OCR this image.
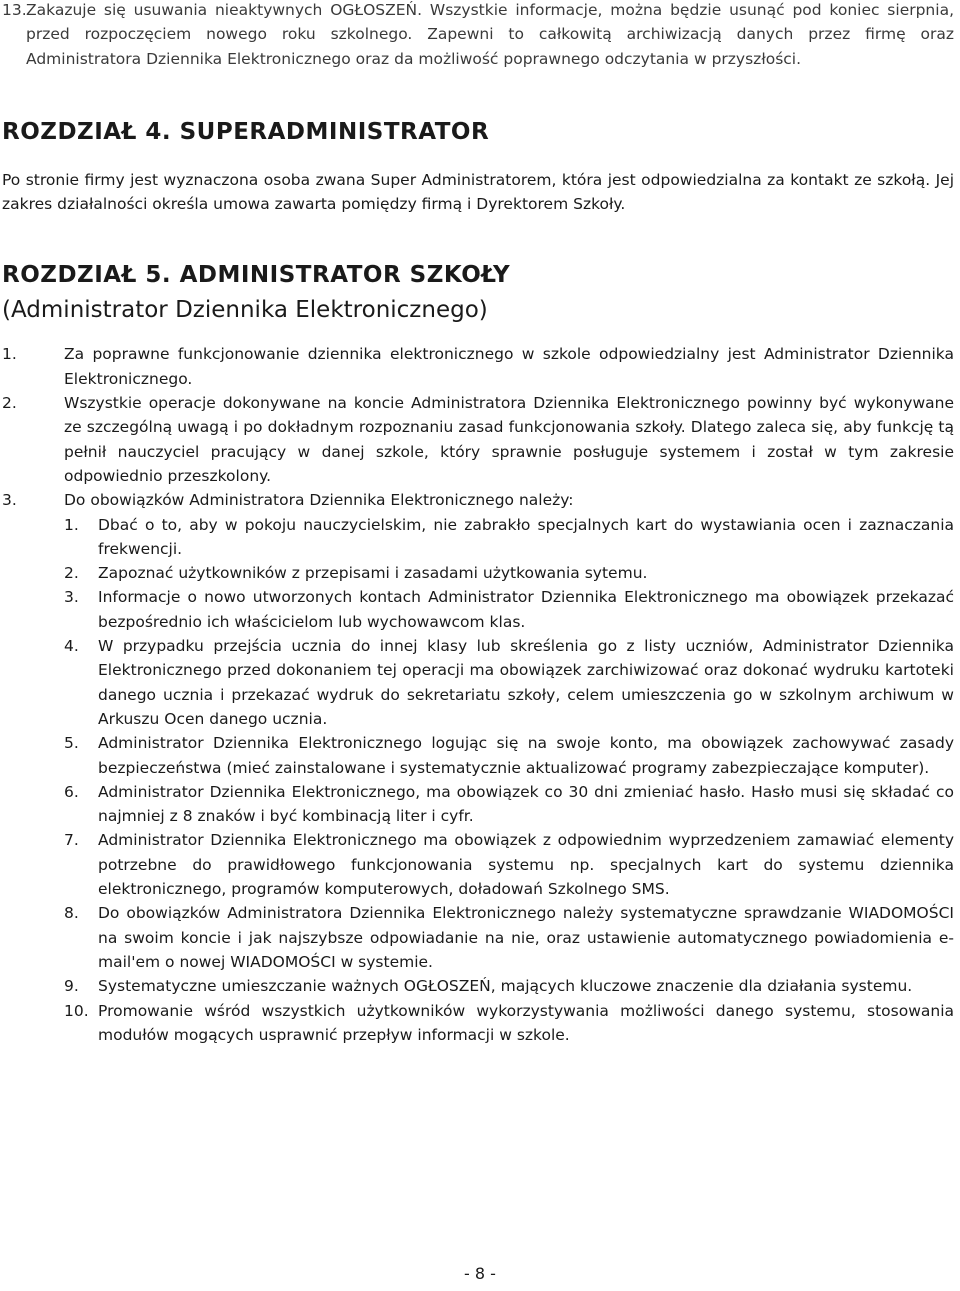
13. Zakazuje się usuwania nieaktywnych OGŁOSZEŃ. Wszystkie informacje, można będzie usunąć pod koniec sierpnia, przed rozpoczęciem nowego roku szkolnego. Zapewni to całkowitą archiwizacją danych przez firmę oraz Administratora Dziennika Elektronicznego oraz da możliwość poprawnego odczytania w przyszłości.
ROZDZIAŁ 4. SUPERADMINISTRATOR

Po stronie firmy jest wyznaczona osoba zwana Super Administratorem, która jest odpowiedzialna za kontakt ze szkołą. Jej zakres działalności określa umowa zawarta pomiędzy firmą i Dyrektorem Szkoły.

ROZDZIAŁ 5. ADMINISTRATOR SZKOŁY

(Administrator Dziennika Elektronicznego)

1.	Za poprawne funkcjonowanie dziennika elektronicznego w szkole odpowiedzialny jest Administrator Dziennika Elektronicznego.
2.	Wszystkie operacje dokonywane na koncie Administratora Dziennika Elektronicznego powinny być wykonywane ze szczególną uwagą i po dokładnym rozpoznaniu zasad funkcjonowania szkoły. Dlatego zaleca się, aby funkcję tą pełnił nauczyciel pracujący w danej szkole, który sprawnie posługuje systemem i został w tym zakresie odpowiednio przeszkolony.
3.	Do obowiązków Administratora Dziennika Elektronicznego należy:
1. Dbać o to, aby w pokoju nauczycielskim, nie zabrakło specjalnych kart do wystawiania ocen i zaznaczania frekwencji.
2. Zapoznać użytkowników z przepisami i zasadami użytkowania sytemu.
3. Informacje o nowo utworzonych kontach Administrator Dziennika Elektronicznego ma obowiązek przekazać bezpośrednio ich właścicielom lub wychowawcom klas.
4. W przypadku przejścia ucznia do innej klasy lub skreślenia go z listy uczniów, Administrator Dziennika Elektronicznego przed dokonaniem tej operacji ma obowiązek zarchiwizować oraz dokonać wydruku kartoteki danego ucznia i przekazać wydruk do sekretariatu szkoły, celem umieszczenia go w szkolnym archiwum w Arkuszu Ocen danego ucznia.
5. Administrator Dziennika Elektronicznego logując się na swoje konto, ma obowiązek zachowywać zasady bezpieczeństwa (mieć zainstalowane i systematycznie aktualizować programy zabezpieczające komputer).
6. Administrator Dziennika Elektronicznego, ma obowiązek co 30 dni zmieniać hasło. Hasło musi się składać co najmniej z 8 znaków i być kombinacją liter i cyfr.
7. Administrator Dziennika Elektronicznego ma obowiązek z odpowiednim wyprzedzeniem zamawiać elementy potrzebne do prawidłowego funkcjonowania systemu np. specjalnych kart do systemu dziennika elektronicznego, programów komputerowych, doładowań Szkolnego SMS.
8. Do obowiązków Administratora Dziennika Elektronicznego należy systematyczne sprawdzanie WIADOMOŚCI na swoim koncie i jak najszybsze odpowiadanie na nie, oraz ustawienie automatycznego powiadomienia e-mail'em o nowej WIADOMOŚCI w systemie.
9. Systematyczne umieszczanie ważnych OGŁOSZEŃ, mających kluczowe znaczenie dla działania systemu.
10. Promowanie wśród wszystkich użytkowników wykorzystywania możliwości danego systemu, stosowania modułów mogących usprawnić przepływ informacji w szkole.
- 8 -
